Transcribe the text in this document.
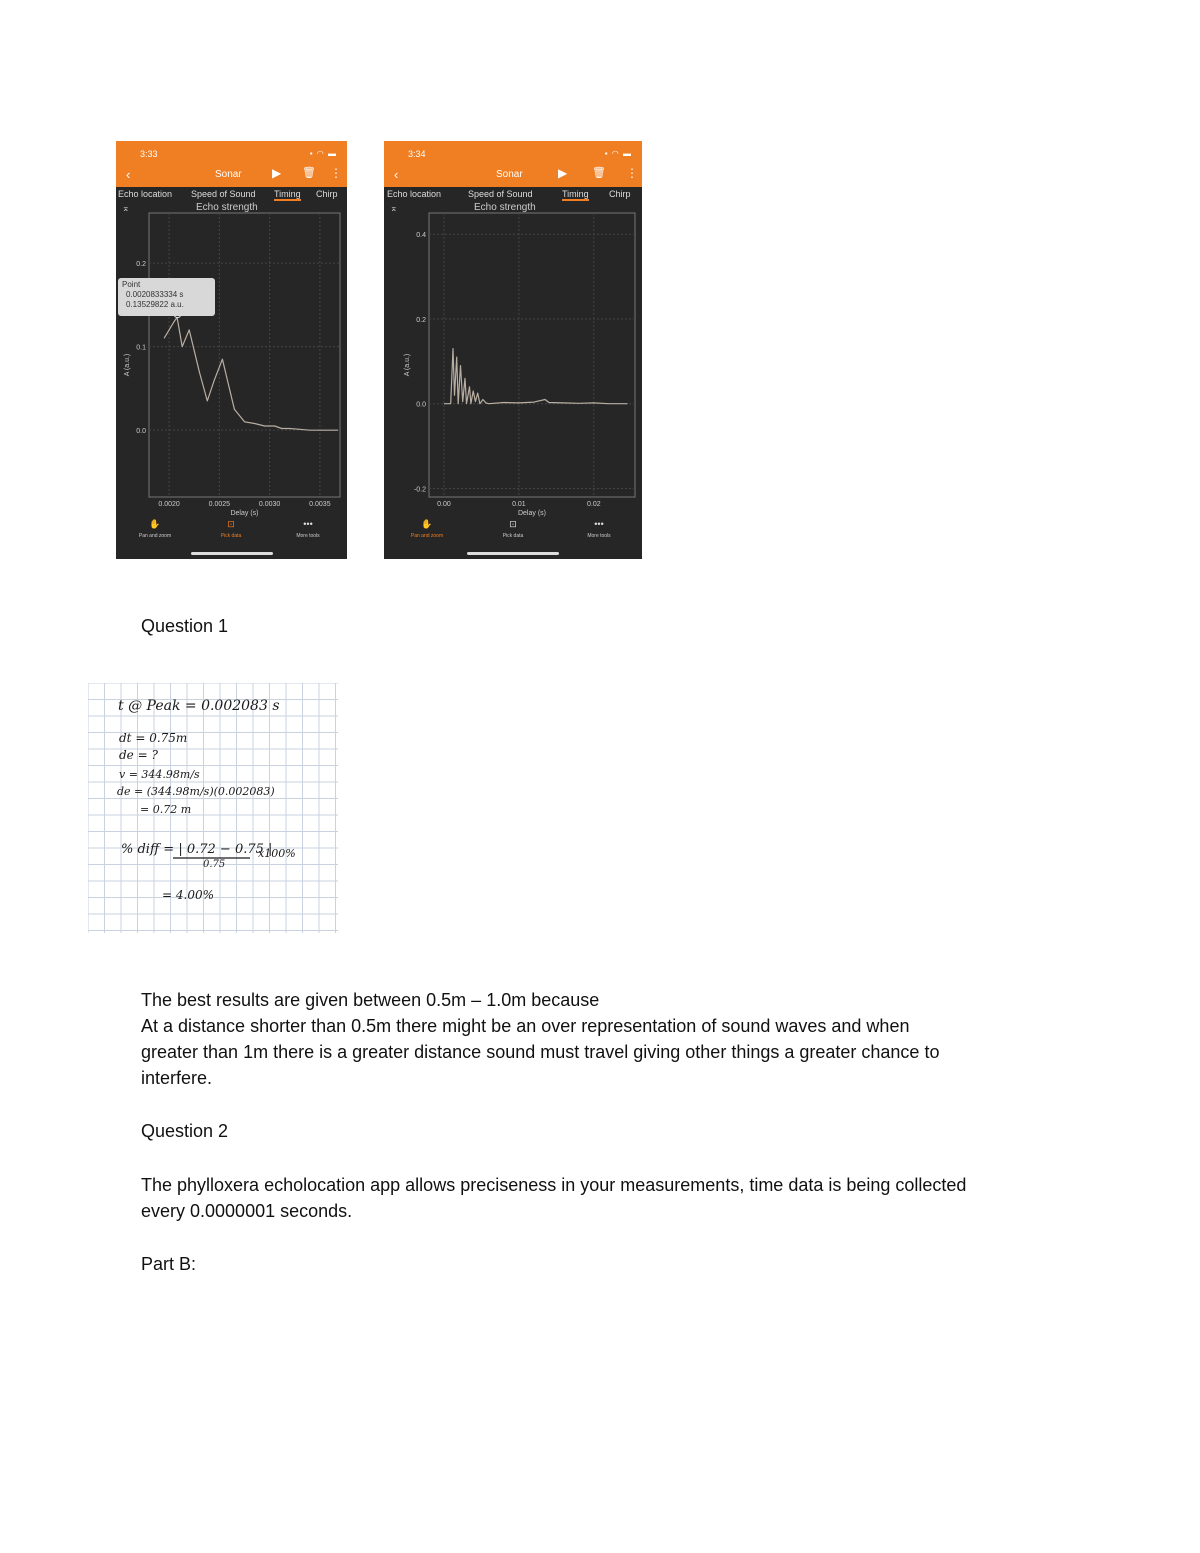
3:33	▪ ◠ ▬
‹	Sonar	▶ 🗑 ⋮
Echo location Speed of Sound Timing Chirp
⌅	Echo strength
0.0020	0.0025	0.0030	0.0035
0.0
0.1
0.2
Delay (s)
A (a.u.)
Point
0.0020833334 s
0.13529822 a.u.
✋
Pan and zoom
⊡
Pick data
•••
More tools
3:34	▪ ◠ ▬
‹	Sonar	▶ 🗑 ⋮
Echo location	Speed of Sound	Timing Chirp
⌅	Echo strength
0.00	0.01	0.02
-0.2
0.0
0.2
0.4
Delay (s)
A (a.u.)
✋
Pan and zoom
⊡
Pick data
•••
More tools
Question 1
t @ Peak = 0.002083 s
dt = 0.75m
de = ?
v = 344.98m/s
de = (344.98m/s)(0.002083)
= 0.72 m
% diff = | 0.72 − 0.75 |
0.75
x100%
= 4.00%
The best results are given between 0.5m – 1.0m because
At a distance shorter than 0.5m there might be an over representation of sound waves and when
greater than 1m there is a greater distance sound must travel giving other things a greater chance to
interfere.
Question 2
The phylloxera echolocation app allows preciseness in your measurements, time data is being collected
every 0.0000001 seconds.
Part B:
